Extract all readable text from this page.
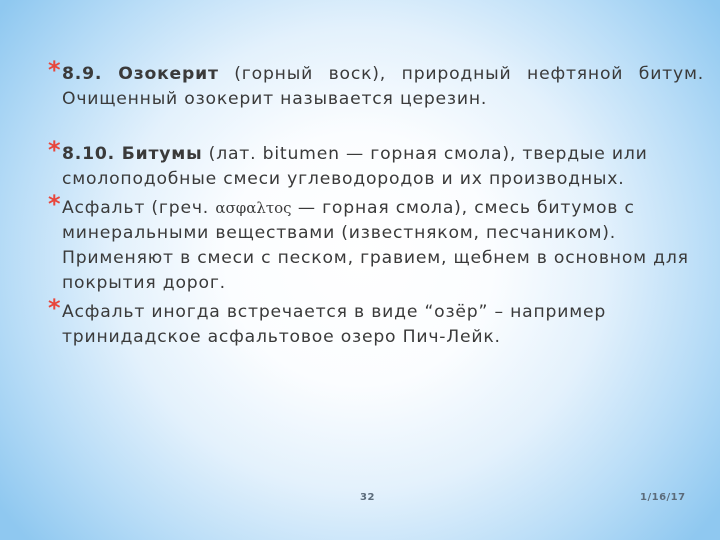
* 8.9. Озокерит (горный воск), природный нефтяной битум. Очищенный озокерит называется церезин.
* 8.10. Битумы (лат. bitumen — горная смола), твердые или смолоподобные смеси углеводородов и их производных.
* Асфальт (греч. ασφαλτος — горная смола), смесь битумов с минеральными веществами (известняком, песчаником). Применяют в смеси с песком, гравием, щебнем в основном для покрытия дорог.
* Асфальт иногда встречается в виде “озёр” – например тринидадское асфальтовое озеро Пич-Лейк.
32	1/16/17
